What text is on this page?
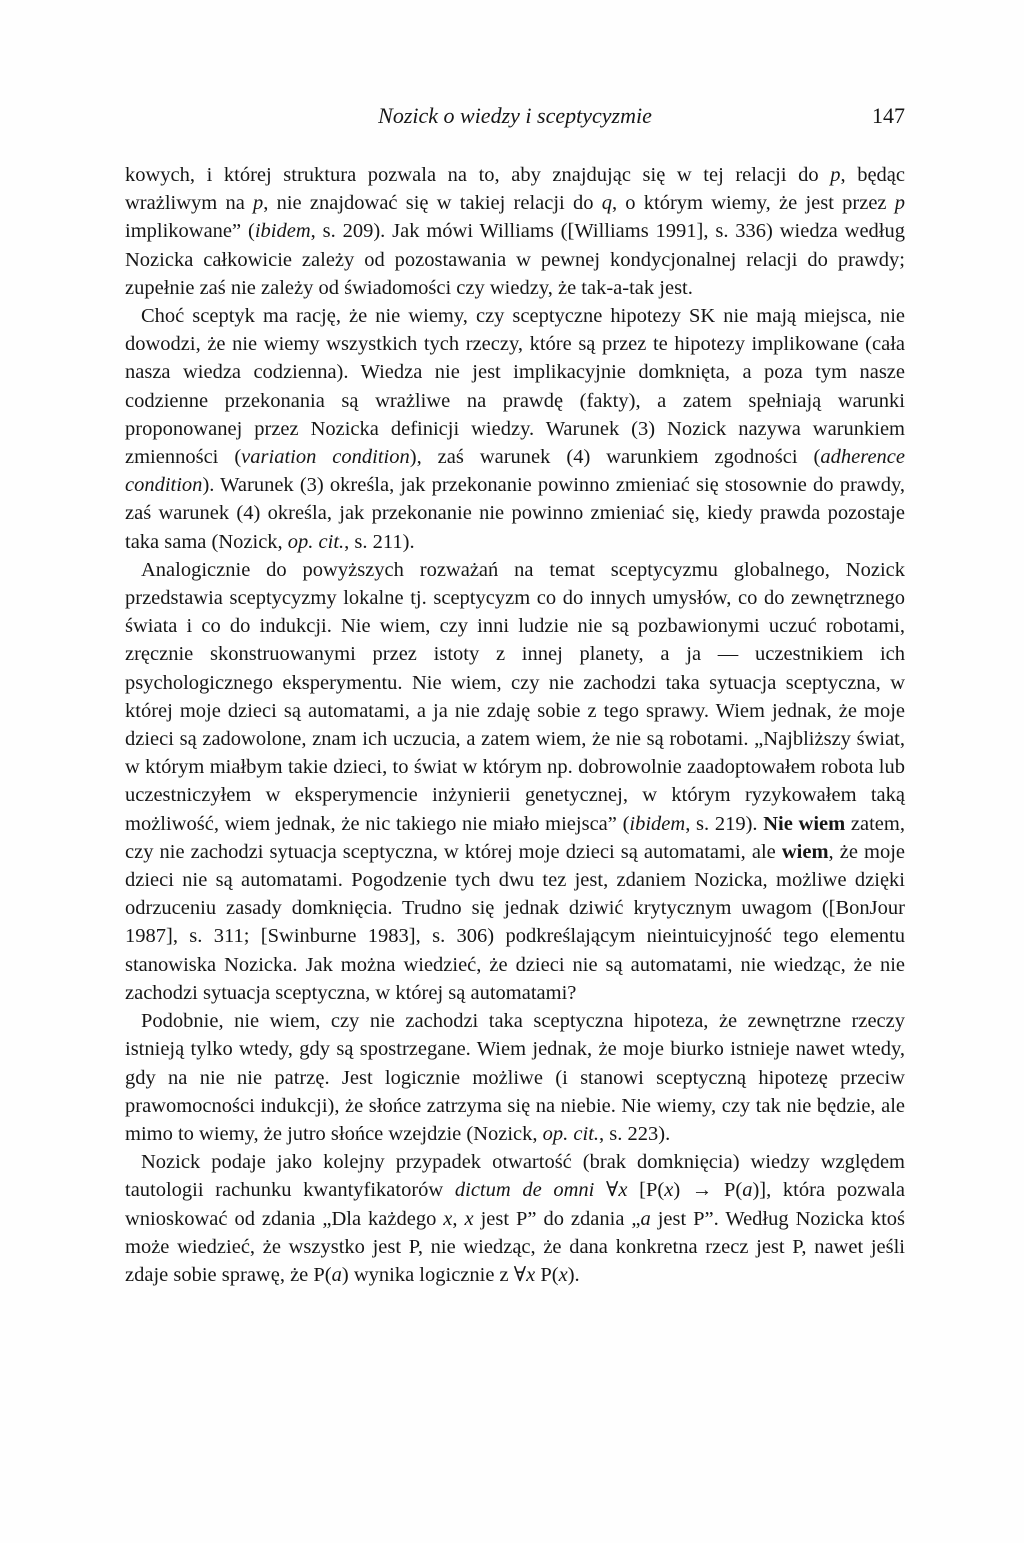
Nozick o wiedzy i sceptycyzmie	147

kowych, i której struktura pozwala na to, aby znajdując się w tej relacji do p, będąc wrażliwym na p, nie znajdować się w takiej relacji do q, o którym wiemy, że jest przez p implikowane” (ibidem, s. 209). Jak mówi Williams ([Williams 1991], s. 336) wiedza według Nozicka całkowicie zależy od pozostawania w pewnej kondycjonalnej relacji do prawdy; zupełnie zaś nie zależy od świadomości czy wiedzy, że tak-a-tak jest.

Choć sceptyk ma rację, że nie wiemy, czy sceptyczne hipotezy SK nie mają miejsca, nie dowodzi, że nie wiemy wszystkich tych rzeczy, które są przez te hipotezy implikowane (cała nasza wiedza codzienna). Wiedza nie jest implikacyjnie domknięta, a poza tym nasze codzienne przekonania są wrażliwe na prawdę (fakty), a zatem spełniają warunki proponowanej przez Nozicka definicji wiedzy. Warunek (3) Nozick nazywa warunkiem zmienności (variation condition), zaś warunek (4) warunkiem zgodności (adherence condition). Warunek (3) określa, jak przekonanie powinno zmieniać się stosownie do prawdy, zaś warunek (4) określa, jak przekonanie nie powinno zmieniać się, kiedy prawda pozostaje taka sama (Nozick, op. cit., s. 211).

Analogicznie do powyższych rozważań na temat sceptycyzmu globalnego, Nozick przedstawia sceptycyzmy lokalne tj. sceptycyzm co do innych umysłów, co do zewnętrznego świata i co do indukcji. Nie wiem, czy inni ludzie nie są pozbawionymi uczuć robotami, zręcznie skonstruowanymi przez istoty z innej planety, a ja — uczestnikiem ich psychologicznego eksperymentu. Nie wiem, czy nie zachodzi taka sytuacja sceptyczna, w której moje dzieci są automatami, a ja nie zdaję sobie z tego sprawy. Wiem jednak, że moje dzieci są zadowolone, znam ich uczucia, a zatem wiem, że nie są robotami. „Najbliższy świat, w którym miałbym takie dzieci, to świat w którym np. dobrowolnie zaadoptowałem robota lub uczestniczyłem w eksperymencie inżynierii genetycznej, w którym ryzykowałem taką możliwość, wiem jednak, że nic takiego nie miało miejsca” (ibidem, s. 219). Nie wiem zatem, czy nie zachodzi sytuacja sceptyczna, w której moje dzieci są automatami, ale wiem, że moje dzieci nie są automatami. Pogodzenie tych dwu tez jest, zdaniem Nozicka, możliwe dzięki odrzuceniu zasady domknięcia. Trudno się jednak dziwić krytycznym uwagom ([BonJour 1987], s. 311; [Swinburne 1983], s. 306) podkreślającym nieintuicyjność tego elementu stanowiska Nozicka. Jak można wiedzieć, że dzieci nie są automatami, nie wiedząc, że nie zachodzi sytuacja sceptyczna, w której są automatami?

Podobnie, nie wiem, czy nie zachodzi taka sceptyczna hipoteza, że zewnętrzne rzeczy istnieją tylko wtedy, gdy są spostrzegane. Wiem jednak, że moje biurko istnieje nawet wtedy, gdy na nie nie patrzę. Jest logicznie możliwe (i stanowi sceptyczną hipotezę przeciw prawomocności indukcji), że słońce zatrzyma się na niebie. Nie wiemy, czy tak nie będzie, ale mimo to wiemy, że jutro słońce wzejdzie (Nozick, op. cit., s. 223).

Nozick podaje jako kolejny przypadek otwartość (brak domknięcia) wiedzy względem tautologii rachunku kwantyfikatorów dictum de omni ∀x [P(x) → P(a)], która pozwala wnioskować od zdania „Dla każdego x, x jest P” do zdania „a jest P”. Według Nozicka ktoś może wiedzieć, że wszystko jest P, nie wiedząc, że dana konkretna rzecz jest P, nawet jeśli zdaje sobie sprawę, że P(a) wynika logicznie z ∀x P(x).
